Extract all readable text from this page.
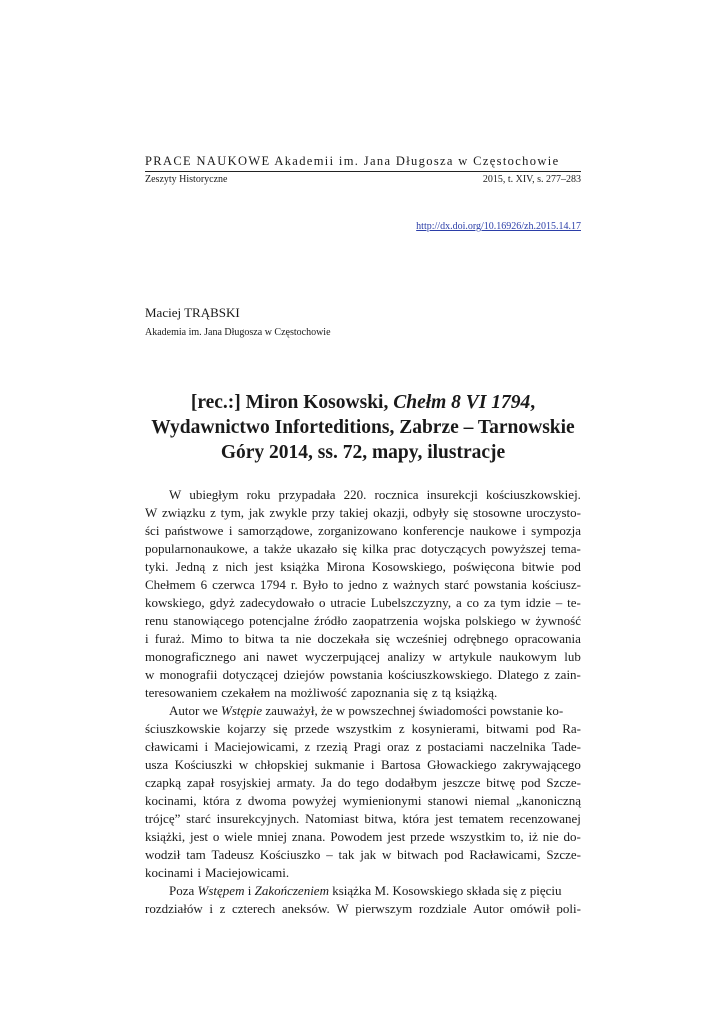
PRACE NAUKOWE Akademii im. Jana Długosza w Częstochowie
Zeszyty Historyczne	2015, t. XIV, s. 277–283
http://dx.doi.org/10.16926/zh.2015.14.17
Maciej TRĄBSKI
Akademia im. Jana Długosza w Częstochowie
[rec.:] Miron Kosowski, Chełm 8 VI 1794,
Wydawnictwo Inforteditions, Zabrze – Tarnowskie
Góry 2014, ss. 72, mapy, ilustracje
W ubiegłym roku przypadała 220. rocznica insurekcji kościuszkowskiej.
W związku z tym, jak zwykle przy takiej okazji, odbyły się stosowne uroczysto-
ści państwowe i samorządowe, zorganizowano konferencje naukowe i sympozja
popularnonaukowe, a także ukazało się kilka prac dotyczących powyższej tema-
tyki. Jedną z nich jest książka Mirona Kosowskiego, poświęcona bitwie pod
Chełmem 6 czerwca 1794 r. Było to jedno z ważnych starć powstania kościusz-
kowskiego, gdyż zadecydowało o utracie Lubelszczyzny, a co za tym idzie – te-
renu stanowiącego potencjalne źródło zaopatrzenia wojska polskiego w żywność
i furaż. Mimo to bitwa ta nie doczekała się wcześniej odrębnego opracowania
monograficznego ani nawet wyczerpującej analizy w artykule naukowym lub
w monografii dotyczącej dziejów powstania kościuszkowskiego. Dlatego z zain-
teresowaniem czekałem na możliwość zapoznania się z tą książką.
Autor we Wstępie zauważył, że w powszechnej świadomości powstanie ko-
ściuszkowskie kojarzy się przede wszystkim z kosynierami, bitwami pod Ra-
cławicami i Maciejowicami, z rzezią Pragi oraz z postaciami naczelnika Tade-
usza Kościuszki w chłopskiej sukmanie i Bartosa Głowackiego zakrywającego
czapką zapał rosyjskiej armaty. Ja do tego dodałbym jeszcze bitwę pod Szcze-
kocinami, która z dwoma powyżej wymienionymi stanowi niemal „kanoniczną
trójcę” starć insurekcyjnych. Natomiast bitwa, która jest tematem recenzowanej
książki, jest o wiele mniej znana. Powodem jest przede wszystkim to, iż nie do-
wodził tam Tadeusz Kościuszko – tak jak w bitwach pod Racławicami, Szcze-
kocinami i Maciejowicami.
Poza Wstępem i Zakończeniem książka M. Kosowskiego składa się z pięciu
rozdziałów i z czterech aneksów. W pierwszym rozdziale Autor omówił poli-
